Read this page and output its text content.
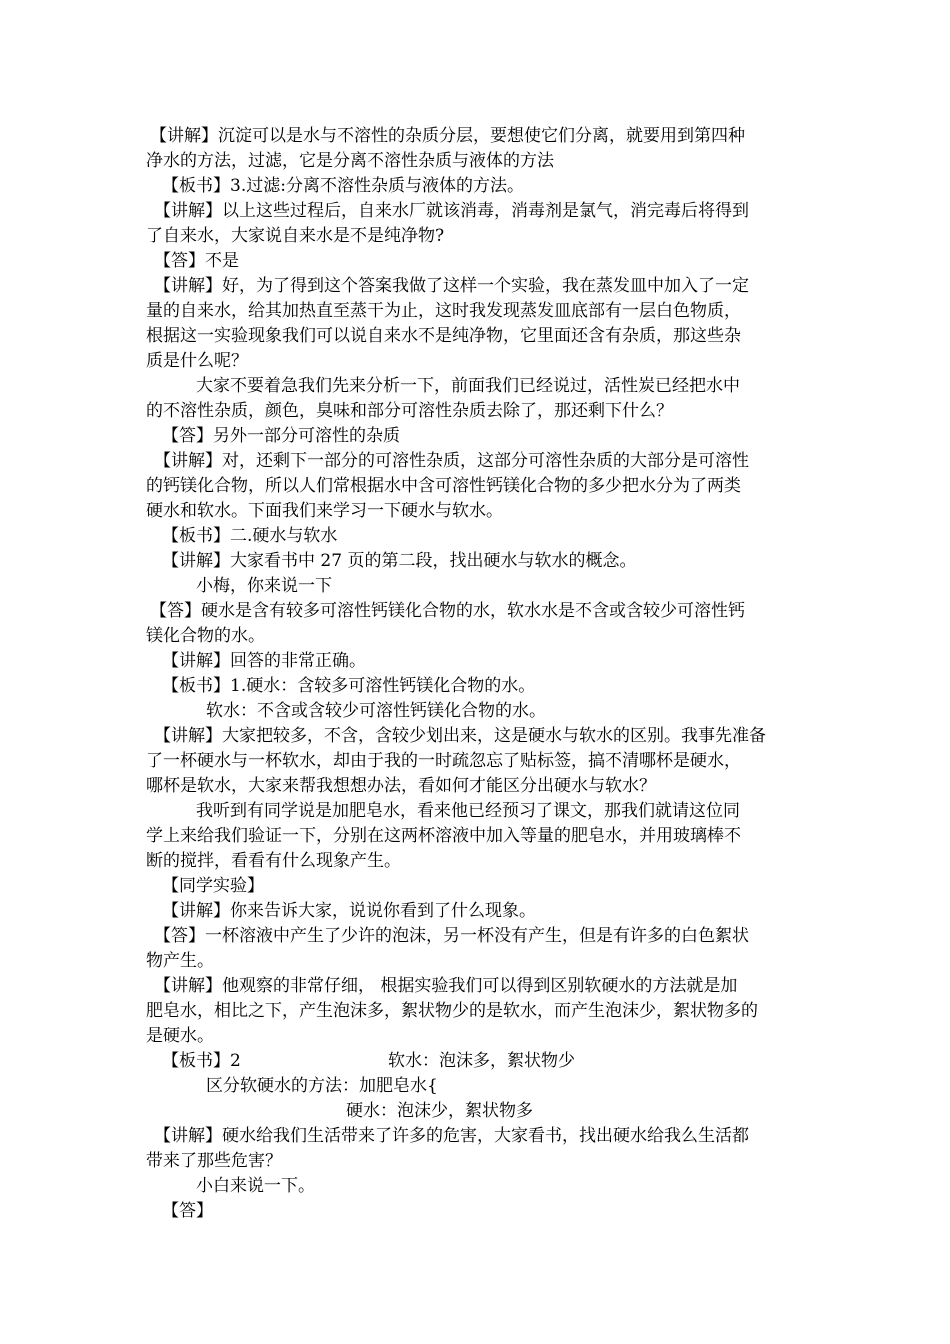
【讲解】沉淀可以是水与不溶性的杂质分层，要想使它们分离，就要用到第四种
净水的方法，过滤，它是分离不溶性杂质与液体的方法
【板书】3.过滤:分离不溶性杂质与液体的方法。
【讲解】以上这些过程后，自来水厂就该消毒，消毒剂是氯气，消完毒后将得到
了自来水，大家说自来水是不是纯净物?
【答】不是
【讲解】好，为了得到这个答案我做了这样一个实验，我在蒸发皿中加入了一定
量的自来水，给其加热直至蒸干为止，这时我发现蒸发皿底部有一层白色物质，
根据这一实验现象我们可以说自来水不是纯净物，它里面还含有杂质，那这些杂
质是什么呢？
大家不要着急我们先来分析一下，前面我们已经说过，活性炭已经把水中
的不溶性杂质，颜色，臭味和部分可溶性杂质去除了，那还剩下什么？
【答】另外一部分可溶性的杂质
【讲解】对，还剩下一部分的可溶性杂质，这部分可溶性杂质的大部分是可溶性
的钙镁化合物，所以人们常根据水中含可溶性钙镁化合物的多少把水分为了两类
硬水和软水。下面我们来学习一下硬水与软水。
【板书】二.硬水与软水
【讲解】大家看书中 27 页的第二段，找出硬水与软水的概念。
小梅，你来说一下
【答】硬水是含有较多可溶性钙镁化合物的水，软水水是不含或含较少可溶性钙
镁化合物的水。
【讲解】回答的非常正确。
【板书】1.硬水：含较多可溶性钙镁化合物的水。
软水：不含或含较少可溶性钙镁化合物的水。
【讲解】大家把较多，不含，含较少划出来，这是硬水与软水的区别。我事先准备
了一杯硬水与一杯软水，却由于我的一时疏忽忘了贴标签，搞不清哪杯是硬水，
哪杯是软水，大家来帮我想想办法，看如何才能区分出硬水与软水？
我听到有同学说是加肥皂水，看来他已经预习了课文，那我们就请这位同
学上来给我们验证一下，分别在这两杯溶液中加入等量的肥皂水，并用玻璃棒不
断的搅拌，看看有什么现象产生。
【同学实验】
【讲解】你来告诉大家，说说你看到了什么现象。
【答】一杯溶液中产生了少许的泡沫，另一杯没有产生，但是有许多的白色絮状
物产生。
【讲解】他观察的非常仔细， 根据实验我们可以得到区别软硬水的方法就是加
肥皂水，相比之下，产生泡沫多，絮状物少的是软水，而产生泡沫少，絮状物多的
是硬水。
【板书】2	软水：泡沫多，絮状物少
区分软硬水的方法：加肥皂水{
硬水：泡沫少，絮状物多
【讲解】硬水给我们生活带来了许多的危害，大家看书，找出硬水给我么生活都
带来了那些危害？
小白来说一下。
【答】
